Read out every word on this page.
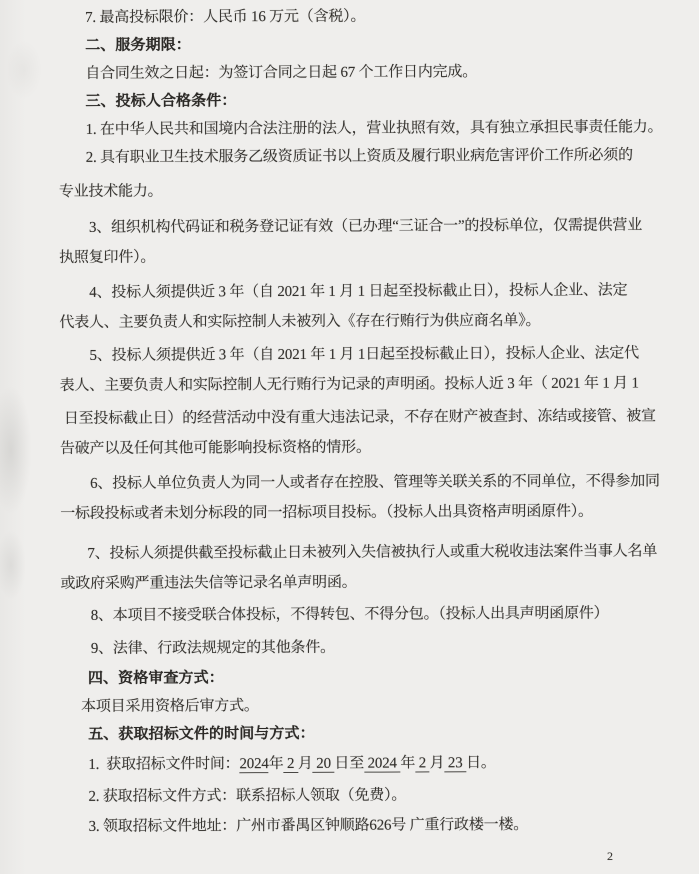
7. 最高投标限价：人民币 16 万元（含税）。
二、服务期限：
自合同生效之日起：为签订合同之日起 67 个工作日内完成。
三、投标人合格条件：
1. 在中华人民共和国境内合法注册的法人，营业执照有效，具有独立承担民事责任能力。
2. 具有职业卫生技术服务乙级资质证书以上资质及履行职业病危害评价工作所必须的
专业技术能力。
3、组织机构代码证和税务登记证有效（已办理“三证合一”的投标单位，仅需提供营业
执照复印件）。
4、投标人须提供近 3 年（自 2021 年 1 月 1 日起至投标截止日），投标人企业、法定
代表人、主要负责人和实际控制人未被列入《存在行贿行为供应商名单》。
5、投标人须提供近 3 年（自 2021 年 1 月 1日起至投标截止日），投标人企业、法定代
表人、主要负责人和实际控制人无行贿行为记录的声明函。投标人近 3 年（ 2021 年 1 月 1
日至投标截止日）的经营活动中没有重大违法记录，不存在财产被查封、冻结或接管、被宣
告破产以及任何其他可能影响投标资格的情形。
6、投标人单位负责人为同一人或者存在控股、管理等关联关系的不同单位，不得参加同
一标段投标或者未划分标段的同一招标项目投标。（投标人出具资格声明函原件）。
7、投标人须提供截至投标截止日未被列入失信被执行人或重大税收违法案件当事人名单
或政府采购严重违法失信等记录名单声明函。
8、本项目不接受联合体投标，不得转包、不得分包。（投标人出具声明函原件）
9、法律、行政法规规定的其他条件。
四、资格审查方式：
本项目采用资格后审方式。
五、获取招标文件的时间与方式：
1.  获取招标文件时间：2024年 2 月 20 日至 2024 年 2 月 23 日。
2. 获取招标文件方式：联系招标人领取（免费）。
3. 领取招标文件地址：广州市番禺区钟顺路626号 广重行政楼一楼。
2
